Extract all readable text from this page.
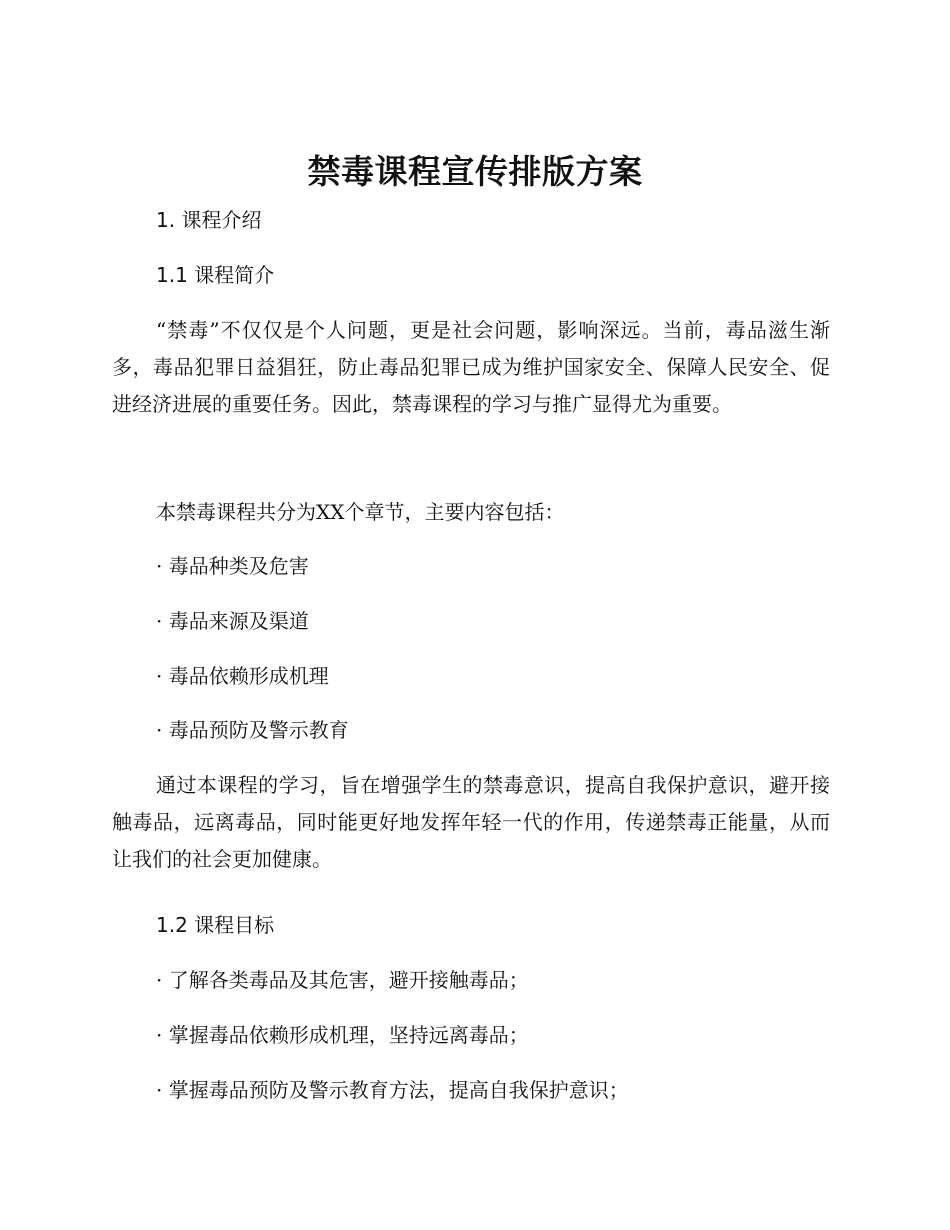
禁毒课程宣传排版方案
1. 课程介绍
1.1 课程简介

“禁毒”不仅仅是个人问题，更是社会问题，影响深远。当前，毒品滋生渐多，毒品犯罪日益猖狂，防止毒品犯罪已成为维护国家安全、保障人民安全、促进经济进展的重要任务。因此，禁毒课程的学习与推广显得尤为重要。

本禁毒课程共分为XX个章节，主要内容包括：

· 毒品种类及危害
· 毒品来源及渠道
· 毒品依赖形成机理
· 毒品预防及警示教育

通过本课程的学习，旨在增强学生的禁毒意识，提高自我保护意识，避开接触毒品，远离毒品，同时能更好地发挥年轻一代的作用，传递禁毒正能量，从而让我们的社会更加健康。

1.2 课程目标
· 了解各类毒品及其危害，避开接触毒品；
· 掌握毒品依赖形成机理，坚持远离毒品；
· 掌握毒品预防及警示教育方法，提高自我保护意识；
